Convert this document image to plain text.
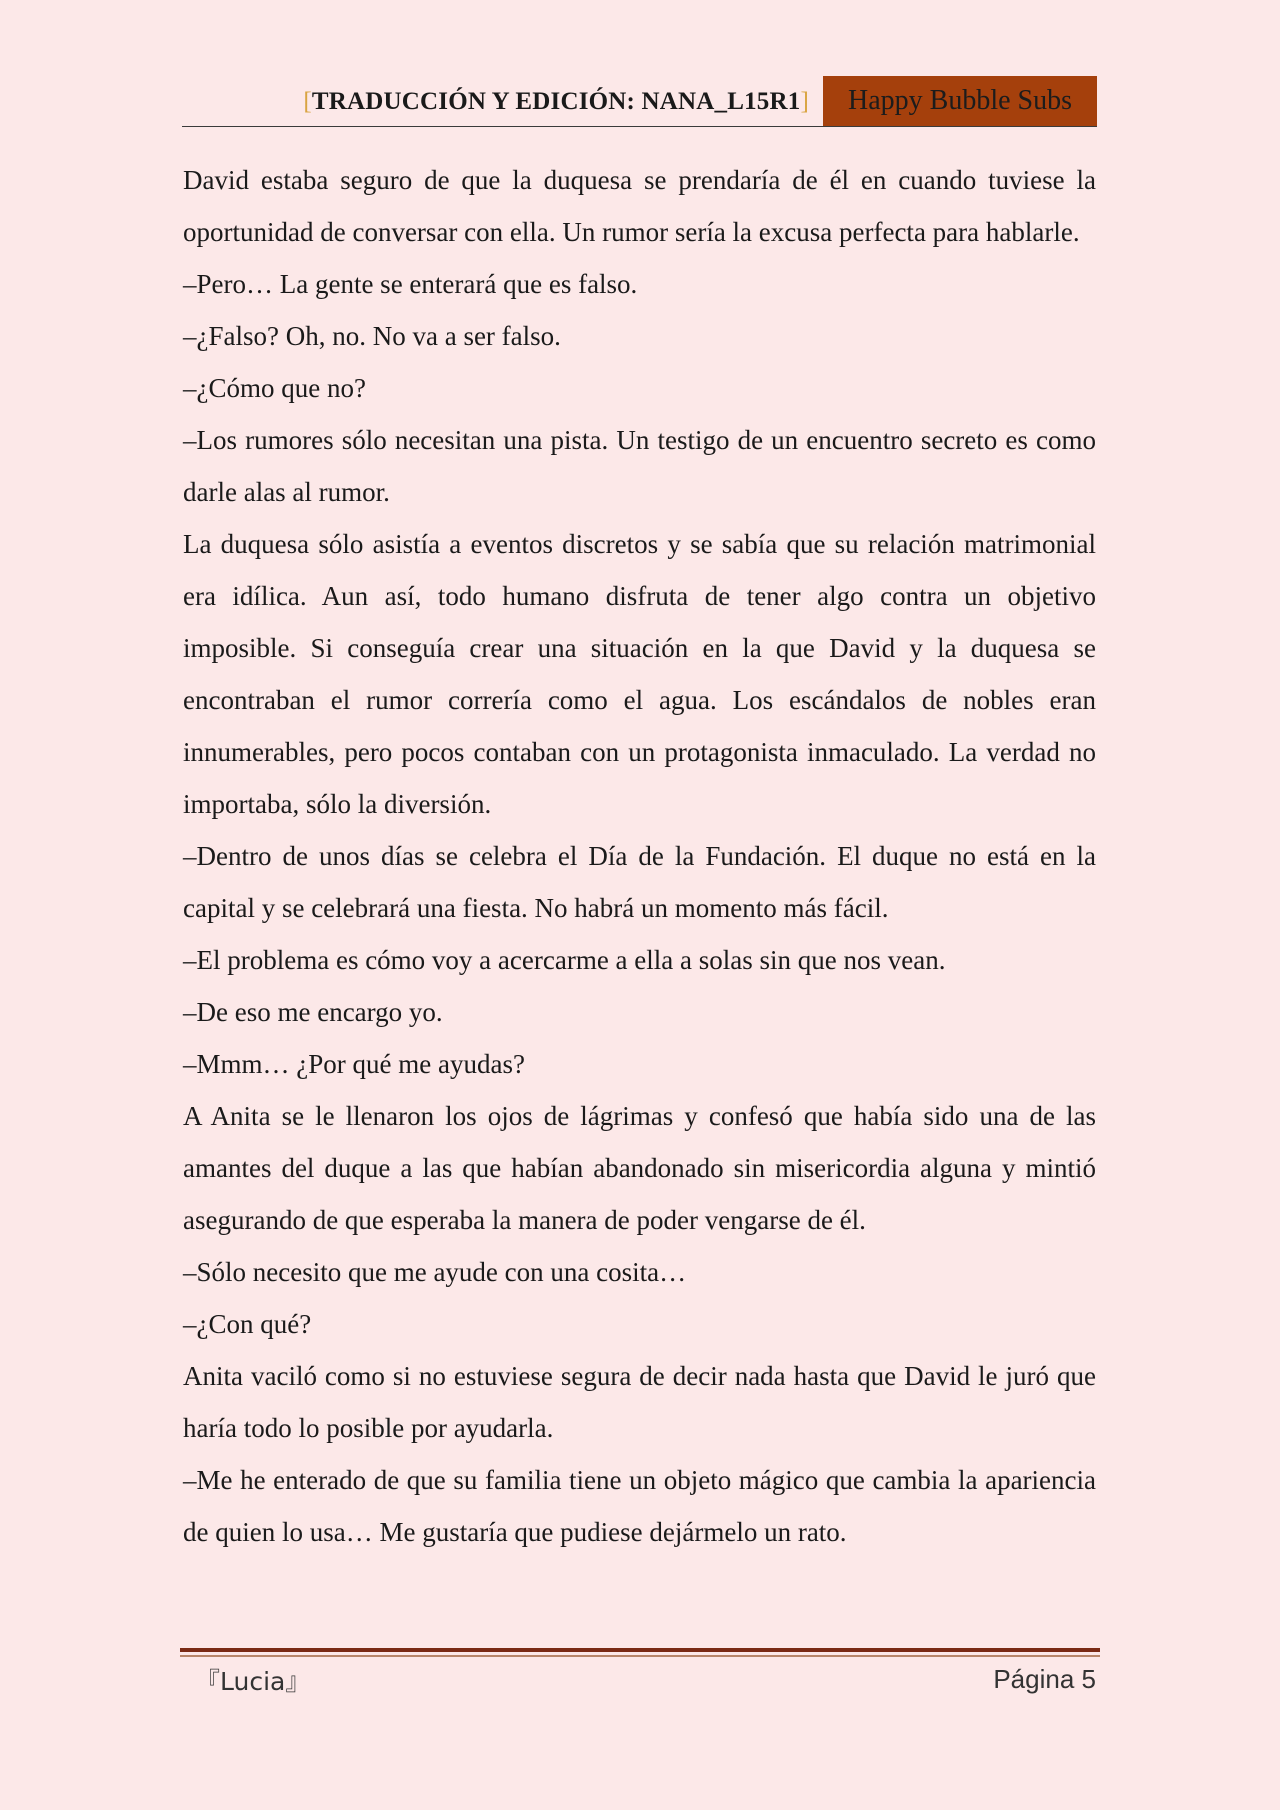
[TRADUCCIÓN Y EDICIÓN: NANA_L15R1]	Happy Bubble Subs

David estaba seguro de que la duquesa se prendaría de él en cuando tuviese la oportunidad de conversar con ella. Un rumor sería la excusa perfecta para hablarle.

–Pero… La gente se enterará que es falso.

–¿Falso? Oh, no. No va a ser falso.

–¿Cómo que no?

–Los rumores sólo necesitan una pista. Un testigo de un encuentro secreto es como darle alas al rumor.

La duquesa sólo asistía a eventos discretos y se sabía que su relación matrimonial era idílica. Aun así, todo humano disfruta de tener algo contra un objetivo imposible. Si conseguía crear una situación en la que David y la duquesa se encontraban el rumor correría como el agua. Los escándalos de nobles eran innumerables, pero pocos contaban con un protagonista inmaculado. La verdad no importaba, sólo la diversión.

–Dentro de unos días se celebra el Día de la Fundación. El duque no está en la capital y se celebrará una fiesta. No habrá un momento más fácil.

–El problema es cómo voy a acercarme a ella a solas sin que nos vean.

–De eso me encargo yo.

–Mmm… ¿Por qué me ayudas?

A Anita se le llenaron los ojos de lágrimas y confesó que había sido una de las amantes del duque a las que habían abandonado sin misericordia alguna y mintió asegurando de que esperaba la manera de poder vengarse de él.

–Sólo necesito que me ayude con una cosita…

–¿Con qué?

Anita vaciló como si no estuviese segura de decir nada hasta que David le juró que haría todo lo posible por ayudarla.

–Me he enterado de que su familia tiene un objeto mágico que cambia la apariencia de quien lo usa… Me gustaría que pudiese dejármelo un rato.

『Lucia』	Página 5
